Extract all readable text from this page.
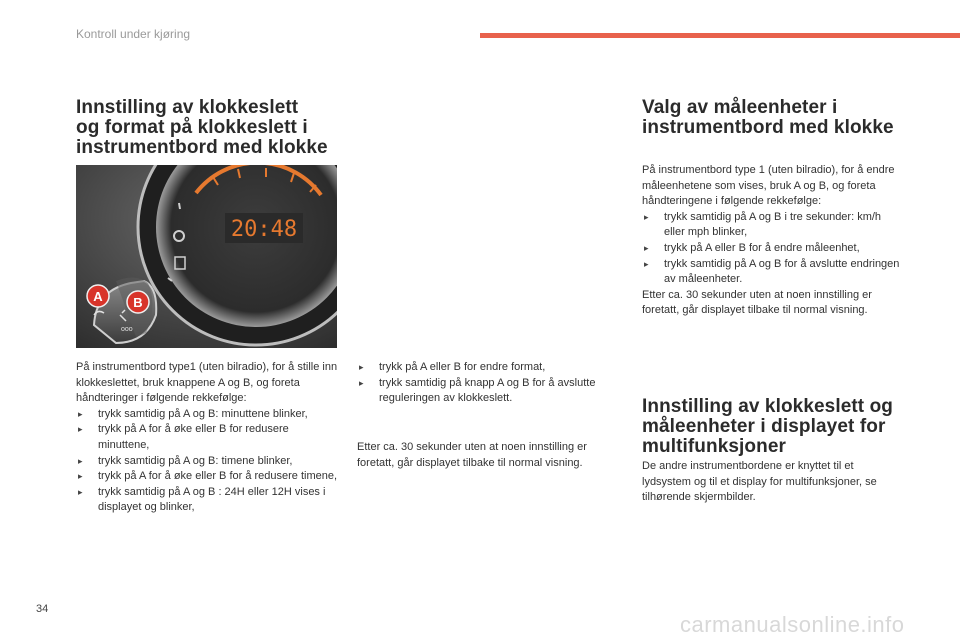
Kontroll under kjøring
Innstilling av klokkeslett
og format på klokkeslett i
instrumentbord med klokke
20:48
A B
ooo
På instrumentbord type1 (uten bilradio), for å stille inn klokkeslettet, bruk knappene A og B, og foreta håndteringer i følgende rekkefølge:
▸ trykk samtidig på A og B: minuttene blinker,
▸ trykk på A for å øke eller B for redusere minuttene,
▸ trykk samtidig på A og B: timene blinker,
▸ trykk på A for å øke eller B for å redusere timene,
▸ trykk samtidig på A og B : 24H eller 12H vises i displayet og blinker,
▸ trykk på A eller B for endre format,
▸ trykk samtidig på knapp A og B for å avslutte reguleringen av klokkeslett.
Etter ca. 30 sekunder uten at noen innstilling er foretatt, går displayet tilbake til normal visning.
Valg av måleenheter i
instrumentbord med klokke
På instrumentbord type 1 (uten bilradio), for å endre måleenhetene som vises, bruk A og B, og foreta håndteringene i følgende rekkefølge:
▸ trykk samtidig på A og B i tre sekunder: km/h eller mph blinker,
▸ trykk på A eller B for å endre måleenhet,
▸ trykk samtidig på A og B for å avslutte endringen av måleenheter.
Etter ca. 30 sekunder uten at noen innstilling er foretatt, går displayet tilbake til normal visning.
Innstilling av klokkeslett og
måleenheter i displayet for
multifunksjoner
De andre instrumentbordene er knyttet til et lydsystem og til et display for multifunksjoner, se tilhørende skjermbilder.
34
carmanualsonline.info
